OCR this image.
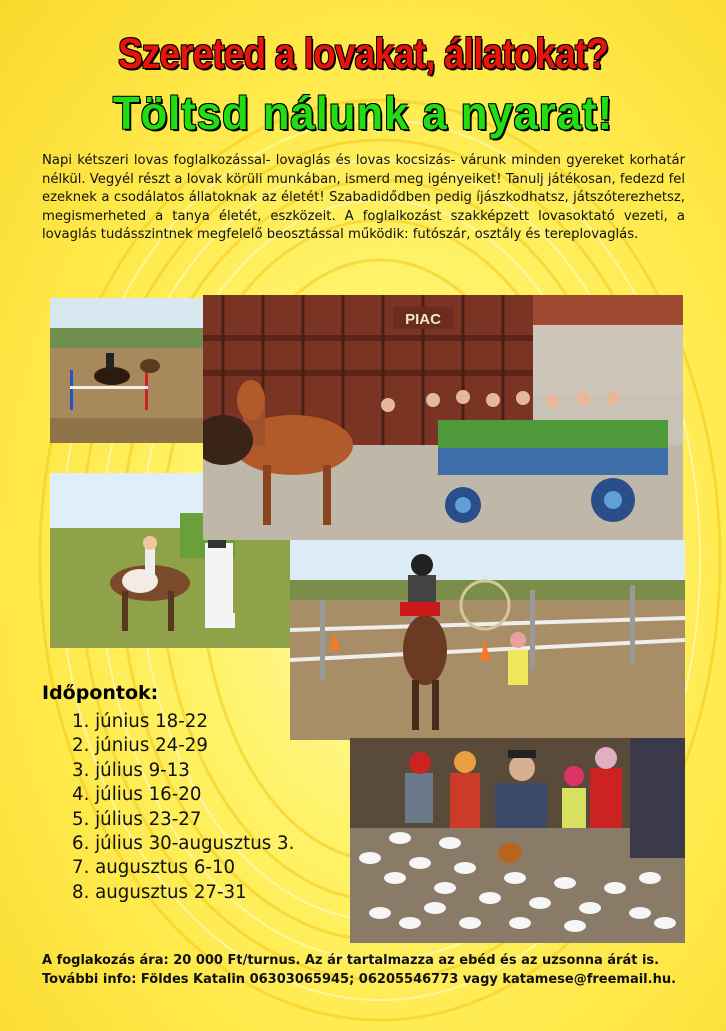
Szereted a lovakat, állatokat?
Töltsd nálunk a nyarat!
Napi kétszeri lovas foglalkozással- lovaglás és lovas kocsizás- várunk minden gyereket korhatár nélkül. Vegyél részt a lovak körüli munkában, ismerd meg igényeiket! Tanulj játékosan, fedezd fel ezeknek a csodálatos állatoknak az életét! Szabadidődben pedig íjászkodhatsz, játszóterezhetsz, megismerheted a tanya életét, eszközeit. A foglalkozást szakképzett lovasoktató vezeti, a lovaglás tudásszintnek megfelelő beosztással működik: futószár, osztály és tereplovaglás.
PIAC
Időpontok:
1. június 18-22
2. június 24-29
3. július 9-13
4. július 16-20
5. július 23-27
6. július 30-augusztus 3.
7. augusztus 6-10
8. augusztus 27-31
A foglakozás ára: 20 000 Ft/turnus. Az ár tartalmazza az ebéd és az uzsonna árát is. További info: Földes Katalin 06303065945; 06205546773 vagy katamese@freemail.hu.
